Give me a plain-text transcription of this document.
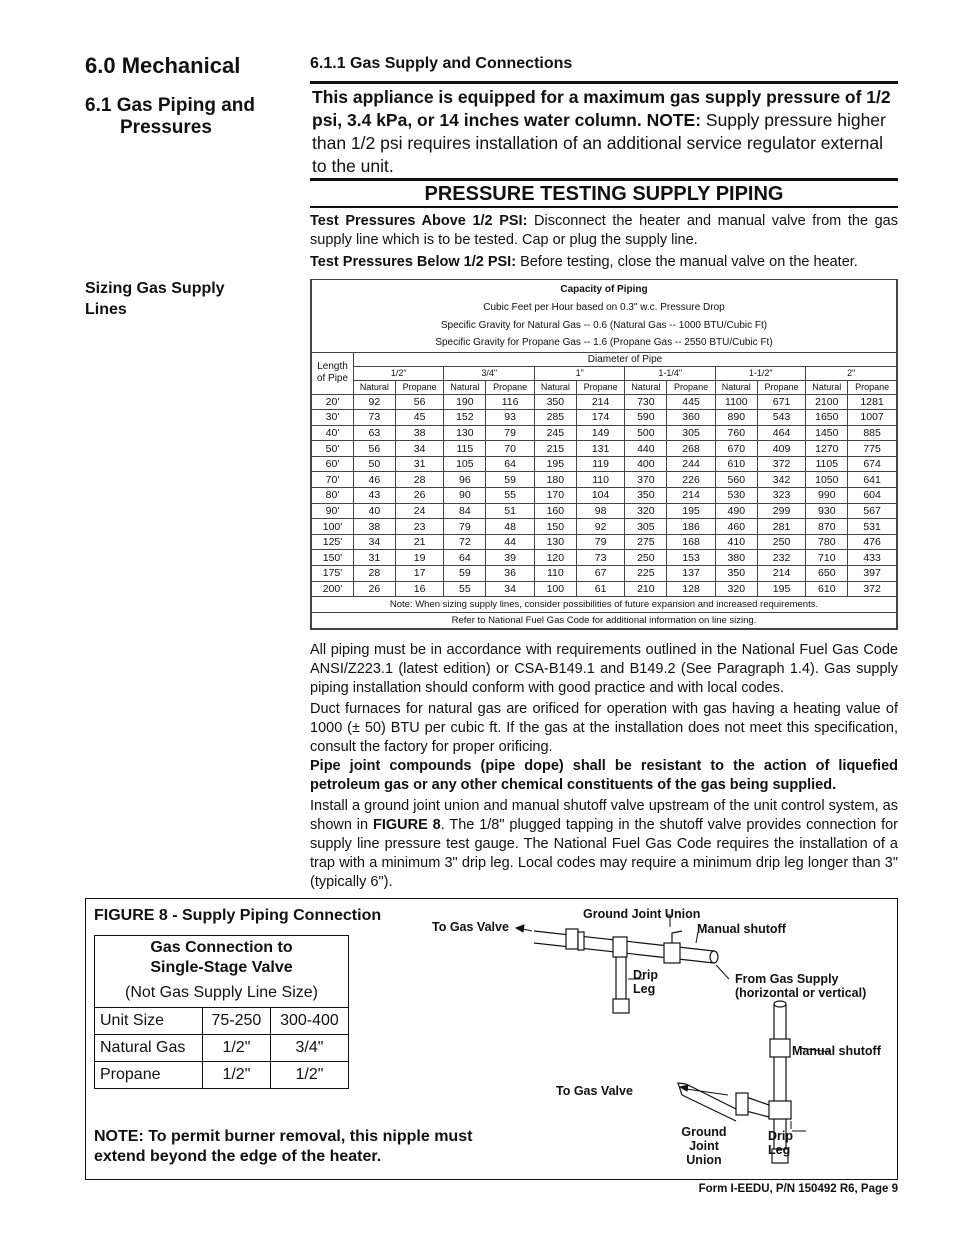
6.0 Mechanical
6.1 Gas Piping and
Pressures
Sizing Gas Supply
Lines
6.1.1 Gas Supply and Connections
This appliance is equipped for a maximum gas supply pressure of 1/2 psi, 3.4 kPa, or 14 inches water column. NOTE: Supply pressure higher than 1/2 psi requires installation of an additional service regulator external to the unit.
PRESSURE TESTING SUPPLY PIPING
Test Pressures Above 1/2 PSI: Disconnect the heater and manual valve from the gas supply line which is to be tested. Cap or plug the supply line.
Test Pressures Below 1/2 PSI: Before testing, close the manual valve on the heater.
Capacity of Piping												
Cubic Feet per Hour based on 0.3" w.c. Pressure Drop												
Specific Gravity for Natural Gas -- 0.6 (Natural Gas -- 1000 BTU/Cubic Ft)												
Specific Gravity for Propane Gas -- 1.6 (Propane Gas -- 2550 BTU/Cubic Ft)												
Length of Pipe	Diameter of Pipe											
	1/2"		3/4"		1"		1-1/4"		1-1/2"		2"	
	Natural	Propane	Natural	Propane	Natural	Propane	Natural	Propane	Natural	Propane	Natural	Propane
20'	92	56	190	116	350	214	730	445	1100	671	2100	1281
30'	73	45	152	93	285	174	590	360	890	543	1650	1007
40'	63	38	130	79	245	149	500	305	760	464	1450	885
50'	56	34	115	70	215	131	440	268	670	409	1270	775
60'	50	31	105	64	195	119	400	244	610	372	1105	674
70'	46	28	96	59	180	110	370	226	560	342	1050	641
80'	43	26	90	55	170	104	350	214	530	323	990	604
90'	40	24	84	51	160	98	320	195	490	299	930	567
100'	38	23	79	48	150	92	305	186	460	281	870	531
125'	34	21	72	44	130	79	275	168	410	250	780	476
150'	31	19	64	39	120	73	250	153	380	232	710	433
175'	28	17	59	36	110	67	225	137	350	214	650	397
200'	26	16	55	34	100	61	210	128	320	195	610	372
Note: When sizing supply lines, consider possibilities of future expansion and increased requirements.												
Refer to National Fuel Gas Code for additional information on line sizing.												
All piping must be in accordance with requirements outlined in the National Fuel Gas Code ANSI/Z223.1 (latest edition) or CSA-B149.1 and B149.2 (See Paragraph 1.4). Gas supply piping installation should conform with good practice and with local codes.
Duct furnaces for natural gas are orificed for operation with gas having a heating value of 1000 (± 50) BTU per cubic ft. If the gas at the installation does not meet this specification, consult the factory for proper orificing.
Pipe joint compounds (pipe dope) shall be resistant to the action of liquefied petroleum gas or any other chemical constituents of the gas being supplied.
Install a ground joint union and manual shutoff valve upstream of the unit control system, as shown in FIGURE 8. The 1/8" plugged tapping in the shutoff valve provides connection for supply line pressure test gauge. The National Fuel Gas Code requires the installation of a trap with a minimum 3" drip leg. Local codes may require a minimum drip leg longer than 3" (typically 6").
FIGURE 8 - Supply Piping Connection
Gas Connection to
Single-Stage Valve		

(Not Gas Supply Line Size)		
Unit Size	75-250	300-400
Natural Gas	1/2"	3/4"
Propane	1/2"	1/2"
NOTE: To permit burner removal, this nipple must extend beyond the edge of the heater.
To Gas Valve
Ground Joint Union
Manual shutoff
Drip
Leg
From Gas Supply
(horizontal or vertical)
To Gas Valve
Manual shutoff
Ground
Joint
Union
Drip
Leg
Form I-EEDU, P/N 150492 R6, Page 9
